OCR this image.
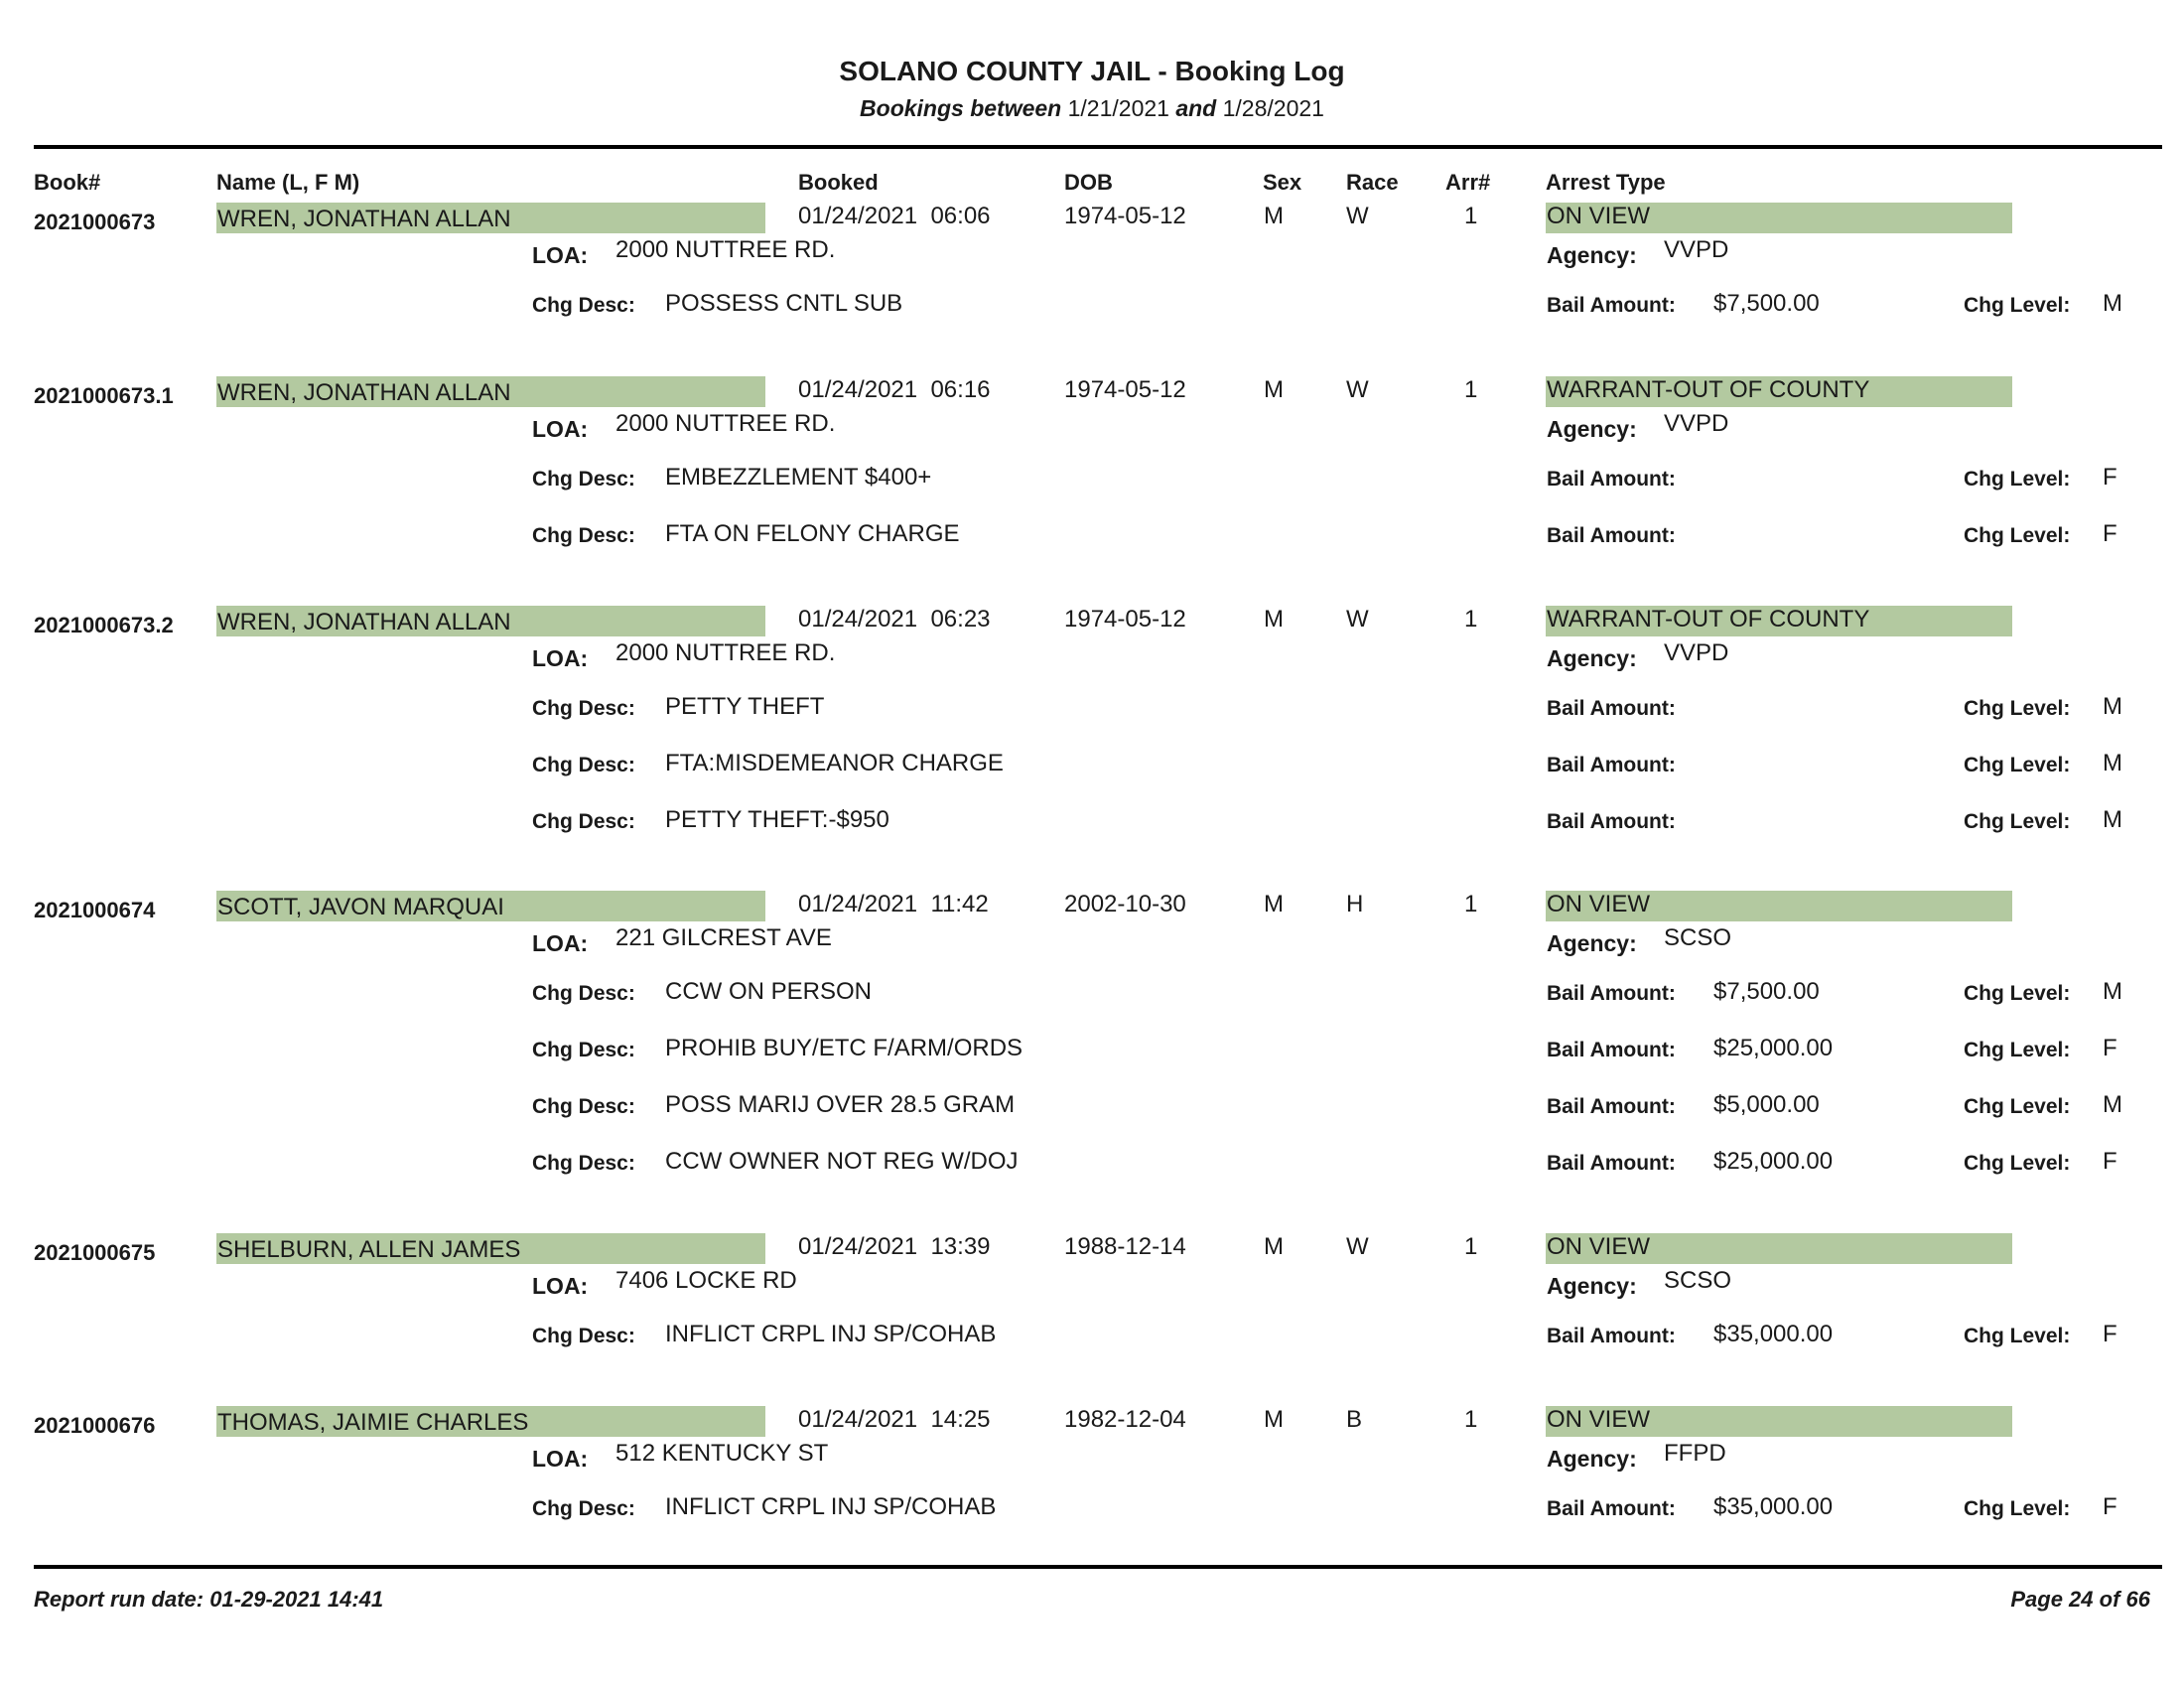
SOLANO COUNTY JAIL - Booking Log
Bookings between 1/21/2021 and 1/28/2021
Book#	Name (L, F M)	Booked	DOB	Sex Race Arr#	Arrest Type
2021000673	WREN, JONATHAN ALLAN	01/24/2021  06:06	1974-05-12	M	W	1	ON VIEW
LOA: 2000 NUTTREE RD.	Agency: VVPD
Chg Desc: POSSESS CNTL SUB	Bail Amount: $7,500.00	Chg Level: M
2021000673.1 WREN, JONATHAN ALLAN	01/24/2021  06:16	1974-05-12	M	W	1	WARRANT-OUT OF COUNTY
LOA: 2000 NUTTREE RD.	Agency: VVPD
Chg Desc: EMBEZZLEMENT $400+	Bail Amount:	Chg Level: F
Chg Desc: FTA ON FELONY CHARGE	Bail Amount:	Chg Level: F
2021000673.2 WREN, JONATHAN ALLAN	01/24/2021  06:23	1974-05-12	M	W	1	WARRANT-OUT OF COUNTY
LOA: 2000 NUTTREE RD.	Agency: VVPD
Chg Desc: PETTY THEFT	Bail Amount:	Chg Level: M
Chg Desc: FTA:MISDEMEANOR CHARGE	Bail Amount:	Chg Level: M
Chg Desc: PETTY THEFT:-$950	Bail Amount:	Chg Level: M
2021000674	SCOTT, JAVON MARQUAI	01/24/2021  11:42	2002-10-30	M	H	1	ON VIEW
LOA: 221 GILCREST AVE	Agency: SCSO
Chg Desc: CCW ON PERSON	Bail Amount: $7,500.00	Chg Level: M
Chg Desc: PROHIB BUY/ETC F/ARM/ORDS	Bail Amount: $25,000.00	Chg Level: F
Chg Desc: POSS MARIJ OVER 28.5 GRAM	Bail Amount: $5,000.00	Chg Level: M
Chg Desc: CCW OWNER NOT REG W/DOJ	Bail Amount: $25,000.00	Chg Level: F
2021000675	SHELBURN, ALLEN JAMES	01/24/2021  13:39	1988-12-14	M	W	1	ON VIEW
LOA: 7406 LOCKE RD	Agency: SCSO
Chg Desc: INFLICT CRPL INJ SP/COHAB	Bail Amount: $35,000.00	Chg Level: F
2021000676	THOMAS, JAIMIE CHARLES	01/24/2021  14:25	1982-12-04	M	B	1	ON VIEW
LOA: 512 KENTUCKY ST	Agency: FFPD
Chg Desc: INFLICT CRPL INJ SP/COHAB	Bail Amount: $35,000.00	Chg Level: F
Report run date: 01-29-2021 14:41	Page 24 of 66
